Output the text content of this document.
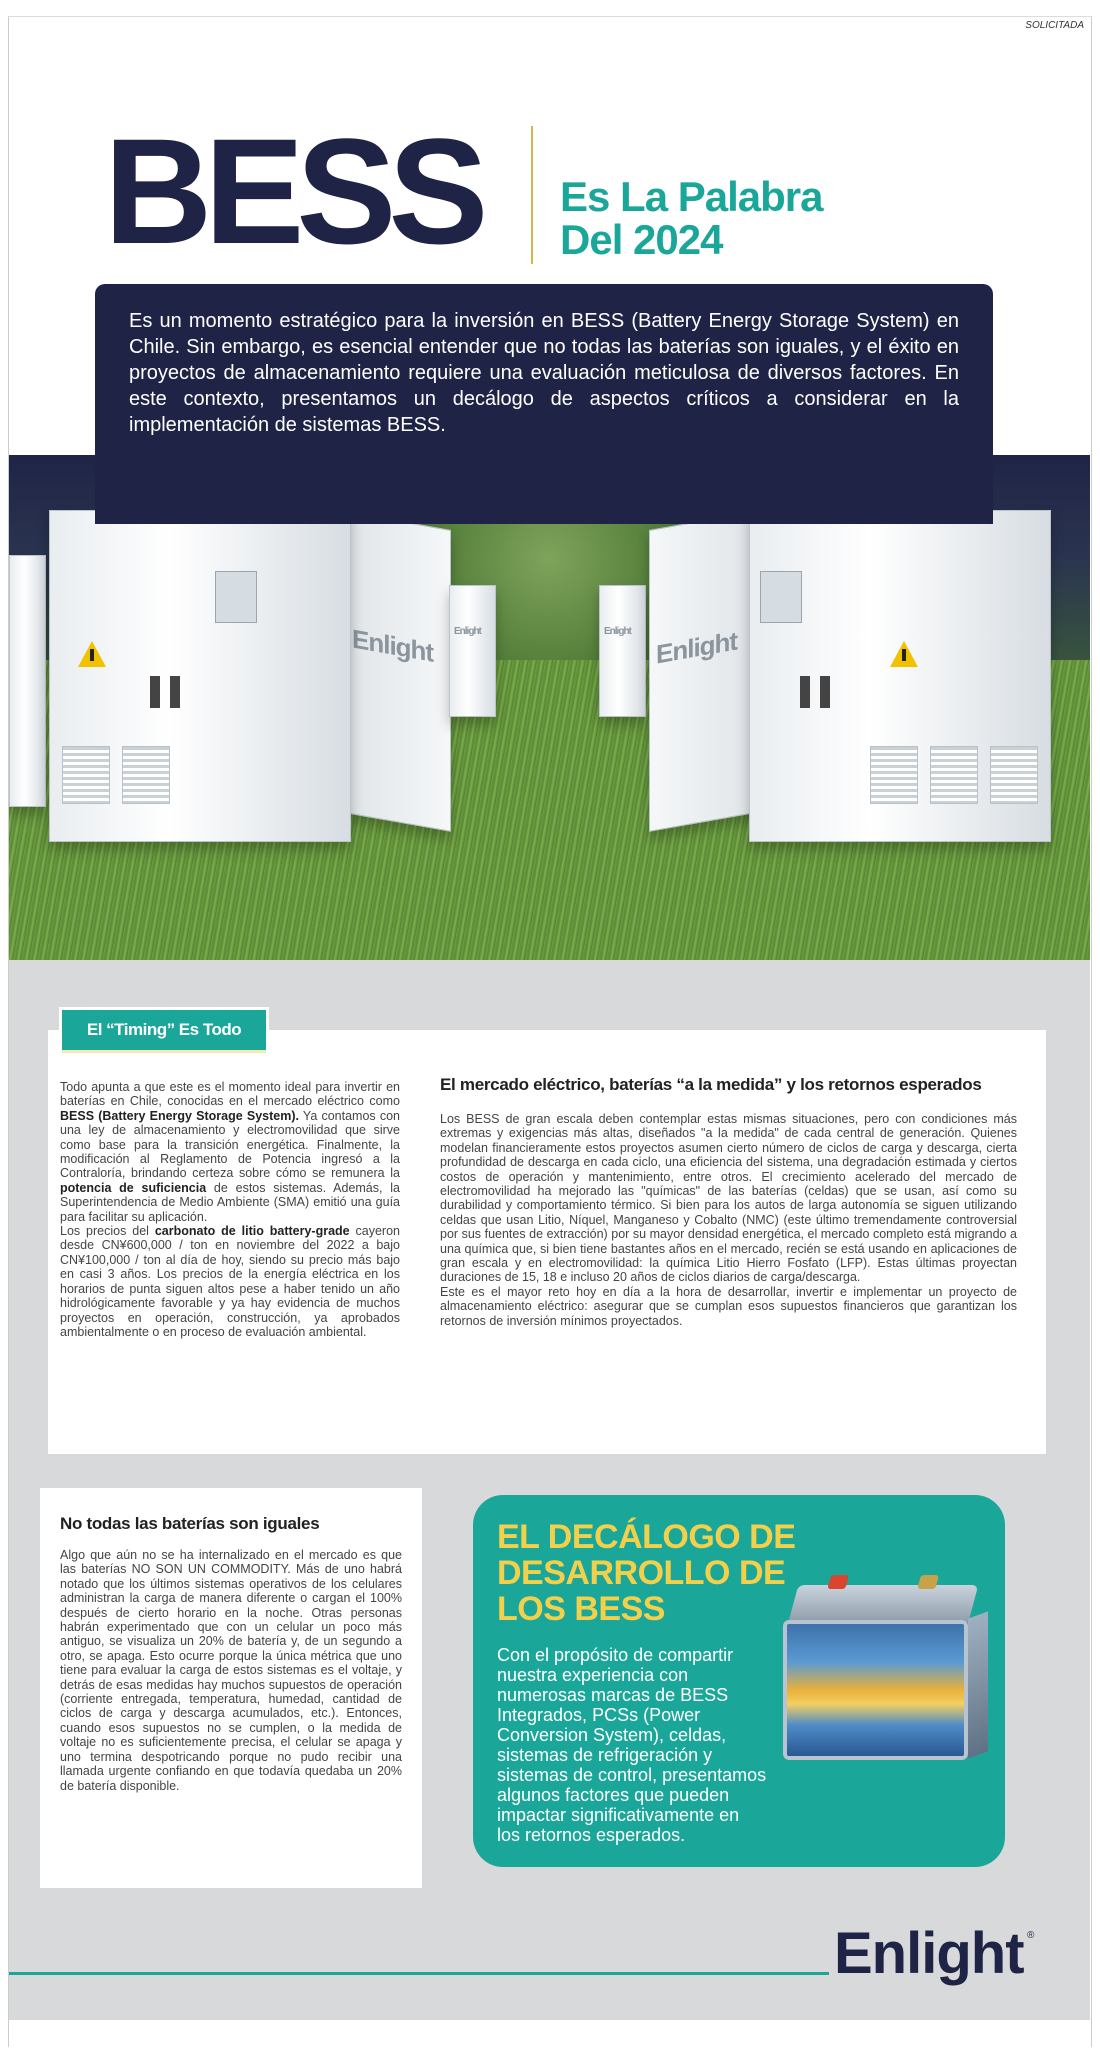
SOLICITADA
BESS Es La Palabra
Del 2024
Enlight Enlight	Enlight Enlight

Es un momento estratégico para la inversión en BESS (Battery Energy Storage System) en Chile. Sin embargo, es esencial entender que no todas las baterías son iguales, y el éxito en proyectos de almacenamiento requiere una evaluación meticulosa de diversos factores. En este contexto, presentamos un decálogo de aspectos críticos a considerar en la implementación de sistemas BESS.

El “Timing” Es Todo

Todo apunta a que este es el momento ideal para invertir en baterías en Chile, conocidas en el mercado eléctrico como BESS (Battery Energy Storage System). Ya contamos con una ley de almacenamiento y electromovilidad que sirve como base para la transición energética. Finalmente, la modificación al Reglamento de Potencia ingresó a la Contraloría, brindando certeza sobre cómo se remunera la potencia de suficiencia de estos sistemas. Además, la Superintendencia de Medio Ambiente (SMA) emitió una guía para facilitar su aplicación.

Los precios del carbonato de litio battery-grade cayeron desde CN¥600,000 / ton en noviembre del 2022 a bajo CN¥100,000 / ton al día de hoy, siendo su precio más bajo en casi 3 años. Los precios de la energía eléctrica en los horarios de punta siguen altos pese a haber tenido un año hidrológicamente favorable y ya hay evidencia de muchos proyectos en operación, construcción, ya aprobados ambientalmente o en proceso de evaluación ambiental.

El mercado eléctrico, baterías “a la medida” y los retornos esperados

Los BESS de gran escala deben contemplar estas mismas situaciones, pero con condiciones más extremas y exigencias más altas, diseñados "a la medida" de cada central de generación. Quienes modelan financieramente estos proyectos asumen cierto número de ciclos de carga y descarga, cierta profundidad de descarga en cada ciclo, una eficiencia del sistema, una degradación estimada y ciertos costos de operación y mantenimiento, entre otros. El crecimiento acelerado del mercado de electromovilidad ha mejorado las "químicas" de las baterías (celdas) que se usan, así como su durabilidad y comportamiento térmico. Si bien para los autos de larga autonomía se siguen utilizando celdas que usan Litio, Níquel, Manganeso y Cobalto (NMC) (este último tremendamente controversial por sus fuentes de extracción) por su mayor densidad energética, el mercado completo está migrando a una química que, si bien tiene bastantes años en el mercado, recién se está usando en aplicaciones de gran escala y en electromovilidad: la química Litio Hierro Fosfato (LFP). Estas últimas proyectan duraciones de 15, 18 e incluso 20 años de ciclos diarios de carga/descarga.

Este es el mayor reto hoy en día a la hora de desarrollar, invertir e implementar un proyecto de almacenamiento eléctrico: asegurar que se cumplan esos supuestos financieros que garantizan los retornos de inversión mínimos proyectados.

No todas las baterías son iguales

Algo que aún no se ha internalizado en el mercado es que las baterías NO SON UN COMMODITY. Más de uno habrá notado que los últimos sistemas operativos de los celulares administran la carga de manera diferente o cargan el 100% después de cierto horario en la noche. Otras personas habrán experimentado que con un celular un poco más antiguo, se visualiza un 20% de batería y, de un segundo a otro, se apaga. Esto ocurre porque la única métrica que uno tiene para evaluar la carga de estos sistemas es el voltaje, y detrás de esas medidas hay muchos supuestos de operación (corriente entregada, temperatura, humedad, cantidad de ciclos de carga y descarga acumulados, etc.). Entonces, cuando esos supuestos no se cumplen, o la medida de voltaje no es suficientemente precisa, el celular se apaga y uno termina despotricando porque no pudo recibir una llamada urgente confiando en que todavía quedaba un 20% de batería disponible.

EL DECÁLOGO DE DESARROLLO DE LOS BESS
Con el propósito de compartir nuestra experiencia con numerosas marcas de BESS Integrados, PCSs (Power Conversion System), celdas, sistemas de refrigeración y sistemas de control, presentamos algunos factores que pueden impactar significativamente en los retornos esperados.
Enlight ®
